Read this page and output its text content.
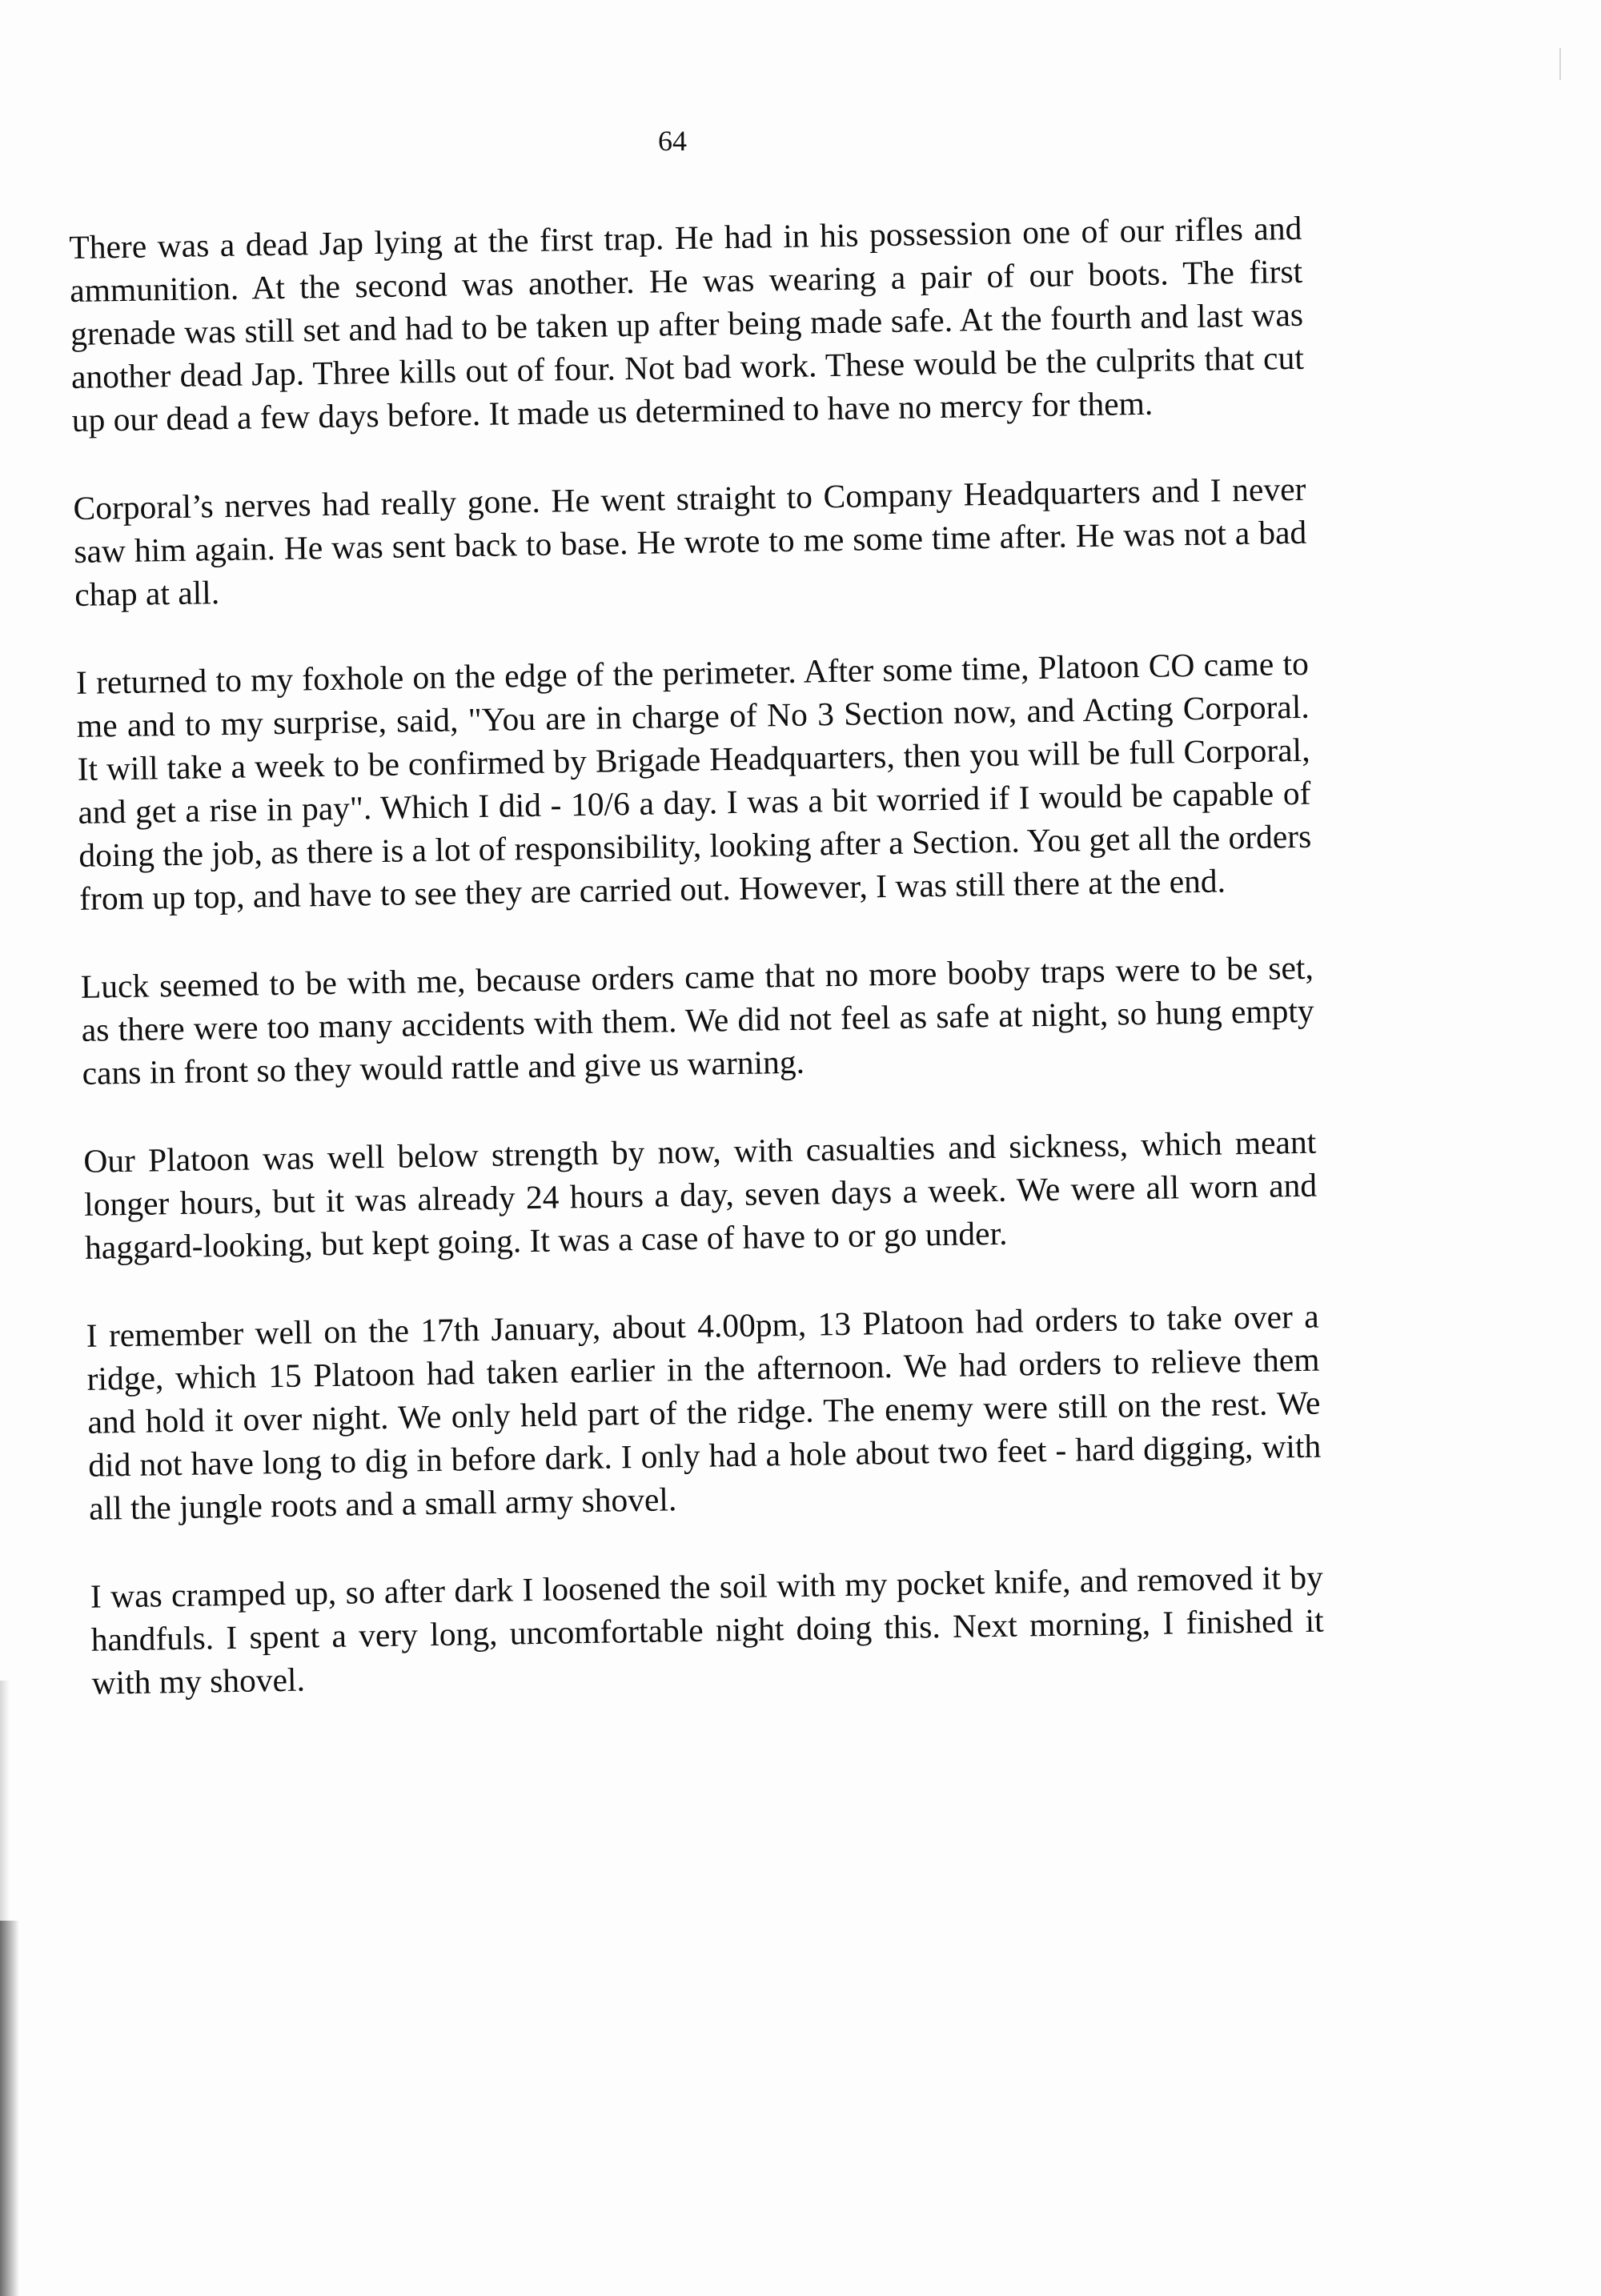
64

There was a dead Jap lying at the first trap. He had in his possession one of our rifles and ammunition. At the second was another. He was wearing a pair of our boots. The first grenade was still set and had to be taken up after being made safe. At the fourth and last was another dead Jap. Three kills out of four. Not bad work. These would be the culprits that cut up our dead a few days before. It made us determined to have no mercy for them.

Corporal’s nerves had really gone. He went straight to Company Headquarters and I never saw him again. He was sent back to base. He wrote to me some time after. He was not a bad chap at all.

I returned to my foxhole on the edge of the perimeter. After some time, Platoon CO came to me and to my surprise, said, "You are in charge of No 3 Section now, and Acting Corporal. It will take a week to be confirmed by Brigade Headquarters, then you will be full Corporal, and get a rise in pay". Which I did - 10/6 a day. I was a bit worried if I would be capable of doing the job, as there is a lot of responsibility, looking after a Section. You get all the orders from up top, and have to see they are carried out. However, I was still there at the end.

Luck seemed to be with me, because orders came that no more booby traps were to be set, as there were too many accidents with them. We did not feel as safe at night, so hung empty cans in front so they would rattle and give us warning.

Our Platoon was well below strength by now, with casualties and sickness, which meant longer hours, but it was already 24 hours a day, seven days a week. We were all worn and haggard-looking, but kept going. It was a case of have to or go under.

I remember well on the 17th January, about 4.00pm, 13 Platoon had orders to take over a ridge, which 15 Platoon had taken earlier in the afternoon. We had orders to relieve them and hold it over night. We only held part of the ridge. The enemy were still on the rest. We did not have long to dig in before dark. I only had a hole about two feet - hard digging, with all the jungle roots and a small army shovel.

I was cramped up, so after dark I loosened the soil with my pocket knife, and removed it by handfuls. I spent a very long, uncomfortable night doing this. Next morning, I finished it with my shovel.
